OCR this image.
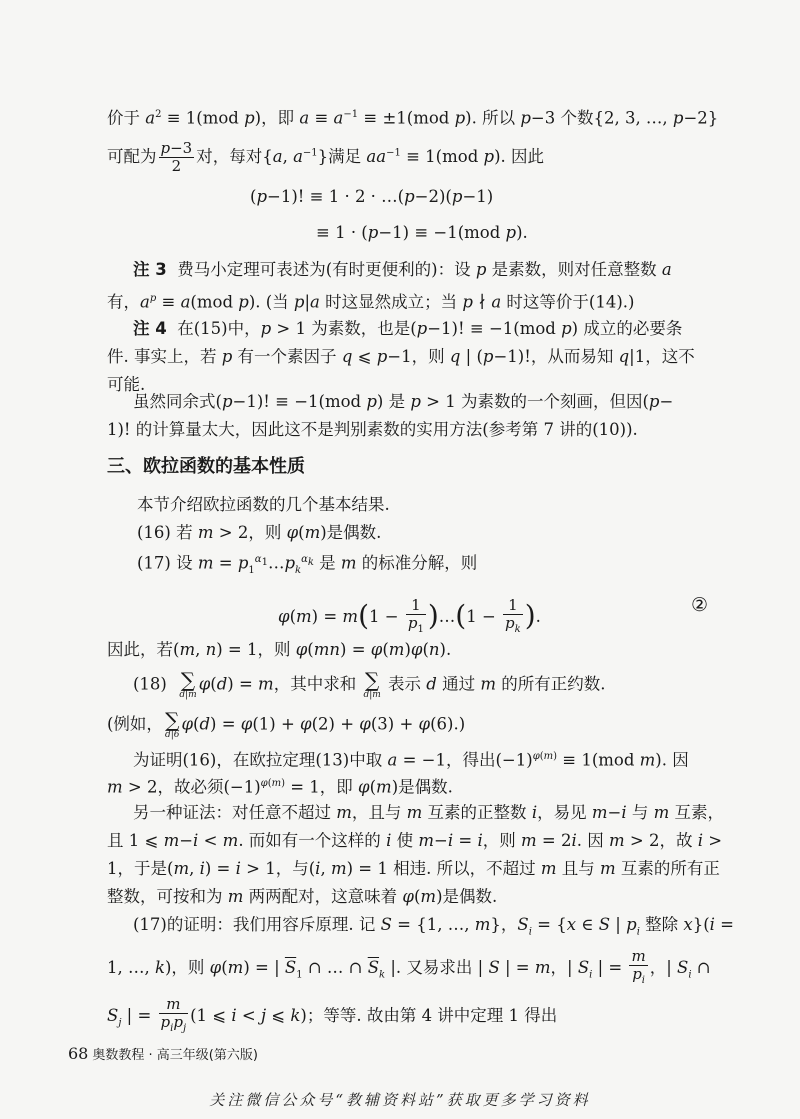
价于 $a^2 \equiv 1(mod$ p)，即 $a \equiv a^{-1} \equiv \pm 1(mod$ p). 所以 p−3 个数{2, 3, …, p−2}
可配为 $\frac{p-3}{2}$ 对，每对{a, $a^{-1}$}满足 $aa^{-1} \equiv 1(mod$ p). 因此
(p−1)! ≡ 1 · 2 · …(p−2)(p−1)
≡ 1 · (p−1) ≡ −1(mod p).
注 3  费马小定理可表述为(有时更便利的)：设 p 是素数，则对任意整数 a
有，$a^p \equiv a(mod$ p). (当 p|a 时这显然成立；当 p ∤ a 时这等价于(14).)
注 4  在(15)中，p > 1 为素数，也是(p−1)! ≡ −1(mod p) 成立的必要条
件. 事实上，若 p 有一个素因子 q ⩽ p−1，则 q | (p−1)!，从而易知 q|1，这不
可能.
虽然同余式(p−1)! ≡ −1(mod p) 是 p > 1 为素数的一个刻画，但因(p−
1)! 的计算量太大，因此这不是判别素数的实用方法(参考第 7 讲的(10)).
三、欧拉函数的基本性质
本节介绍欧拉函数的几个基本结果.
(16) 若 m > 2，则 φ(m)是偶数.
(17) 设 $m = p_1^{\alpha_1}\dots p_k^{\alpha_k}$ 是 m 的标准分解，则
$\varphi(m) = m(1 - \frac{1}{p_1}$ )…(1 − $\frac{1}{p_k}$ ).
②
因此，若(m, n) = 1，则 φ(mn) = φ(m)φ(n).
(18) ∑
d|m
φ(d) = m，其中求和 ∑
d|m
表示 d 通过 m 的所有正约数.
(例如， ∑
d|6
φ(d) = φ(1) + φ(2) + φ(3) + φ(6).)
为证明(16)，在欧拉定理(13)中取 a = −1，得出$(-1)^{\varphi(m)} \equiv 1(mod$ m). 因
m > 2，故必须$(-1)^{\varphi(m)} = 1$，即 φ(m)是偶数.
另一种证法：对任意不超过 m，且与 m 互素的正整数 i，易见 m−i 与 m 互素，
且 1 ⩽ m−i < m. 而如有一个这样的 i 使 m−i = i，则 m = 2i. 因 m > 2，故 i >
1，于是(m, i) = i > 1，与(i, m) = 1 相违. 所以，不超过 m 且与 m 互素的所有正
整数，可按和为 m 两两配对，这意味着 φ(m)是偶数.
(17)的证明：我们用容斥原理. 记 S = {1, …, m}，$S_i = \{x$ ∈ S | $p_i$ 整除 x}(i =
1, …, k)，则 φ(m) = | $\overline{S}_1$ ∩ … ∩ $\overline{S}_k$ |. 又易求出 | S | = m，| $S_i$ | = $\frac{m}{p_i}$ ，| $S_i$ ∩
$S_j$ | = $\frac{m}{p_ip_j} (1$ ⩽ i < j ⩽ k)；等等. 故由第 4 讲中定理 1 得出
68 奥数教程 · 高三年级(第六版)
关注微信公众号“教辅资料站”获取更多学习资料
